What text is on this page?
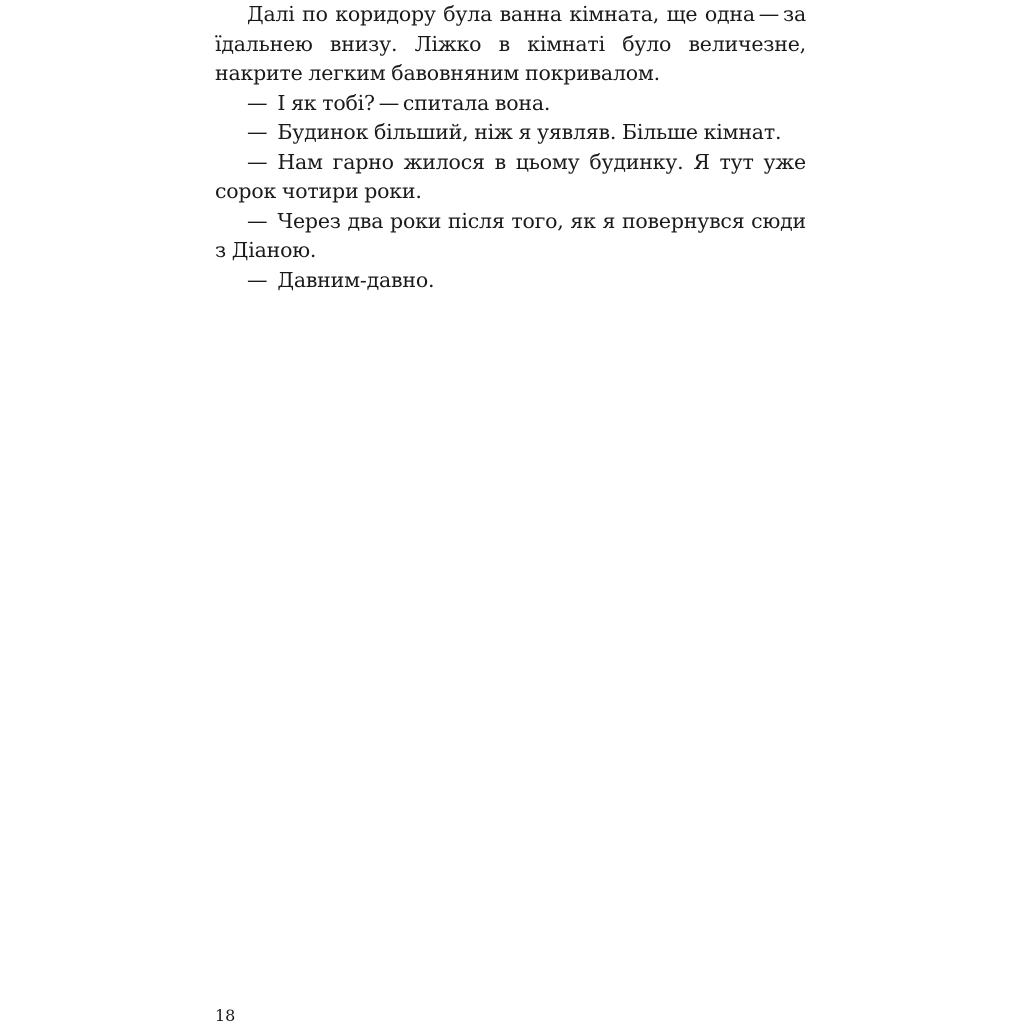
Далі по коридору була ванна кімната, ще одна — за їдальнею внизу. Ліжко в кімнаті було величезне, накрите легким бавовняним покривалом.

— І як тобі? — спитала вона.

— Будинок більший, ніж я уявляв. Більше кімнат.

— Нам гарно жилося в цьому будинку. Я тут уже сорок чотири роки.

— Через два роки після того, як я повернувся сюди з Діаною.

— Давним-давно.

18
